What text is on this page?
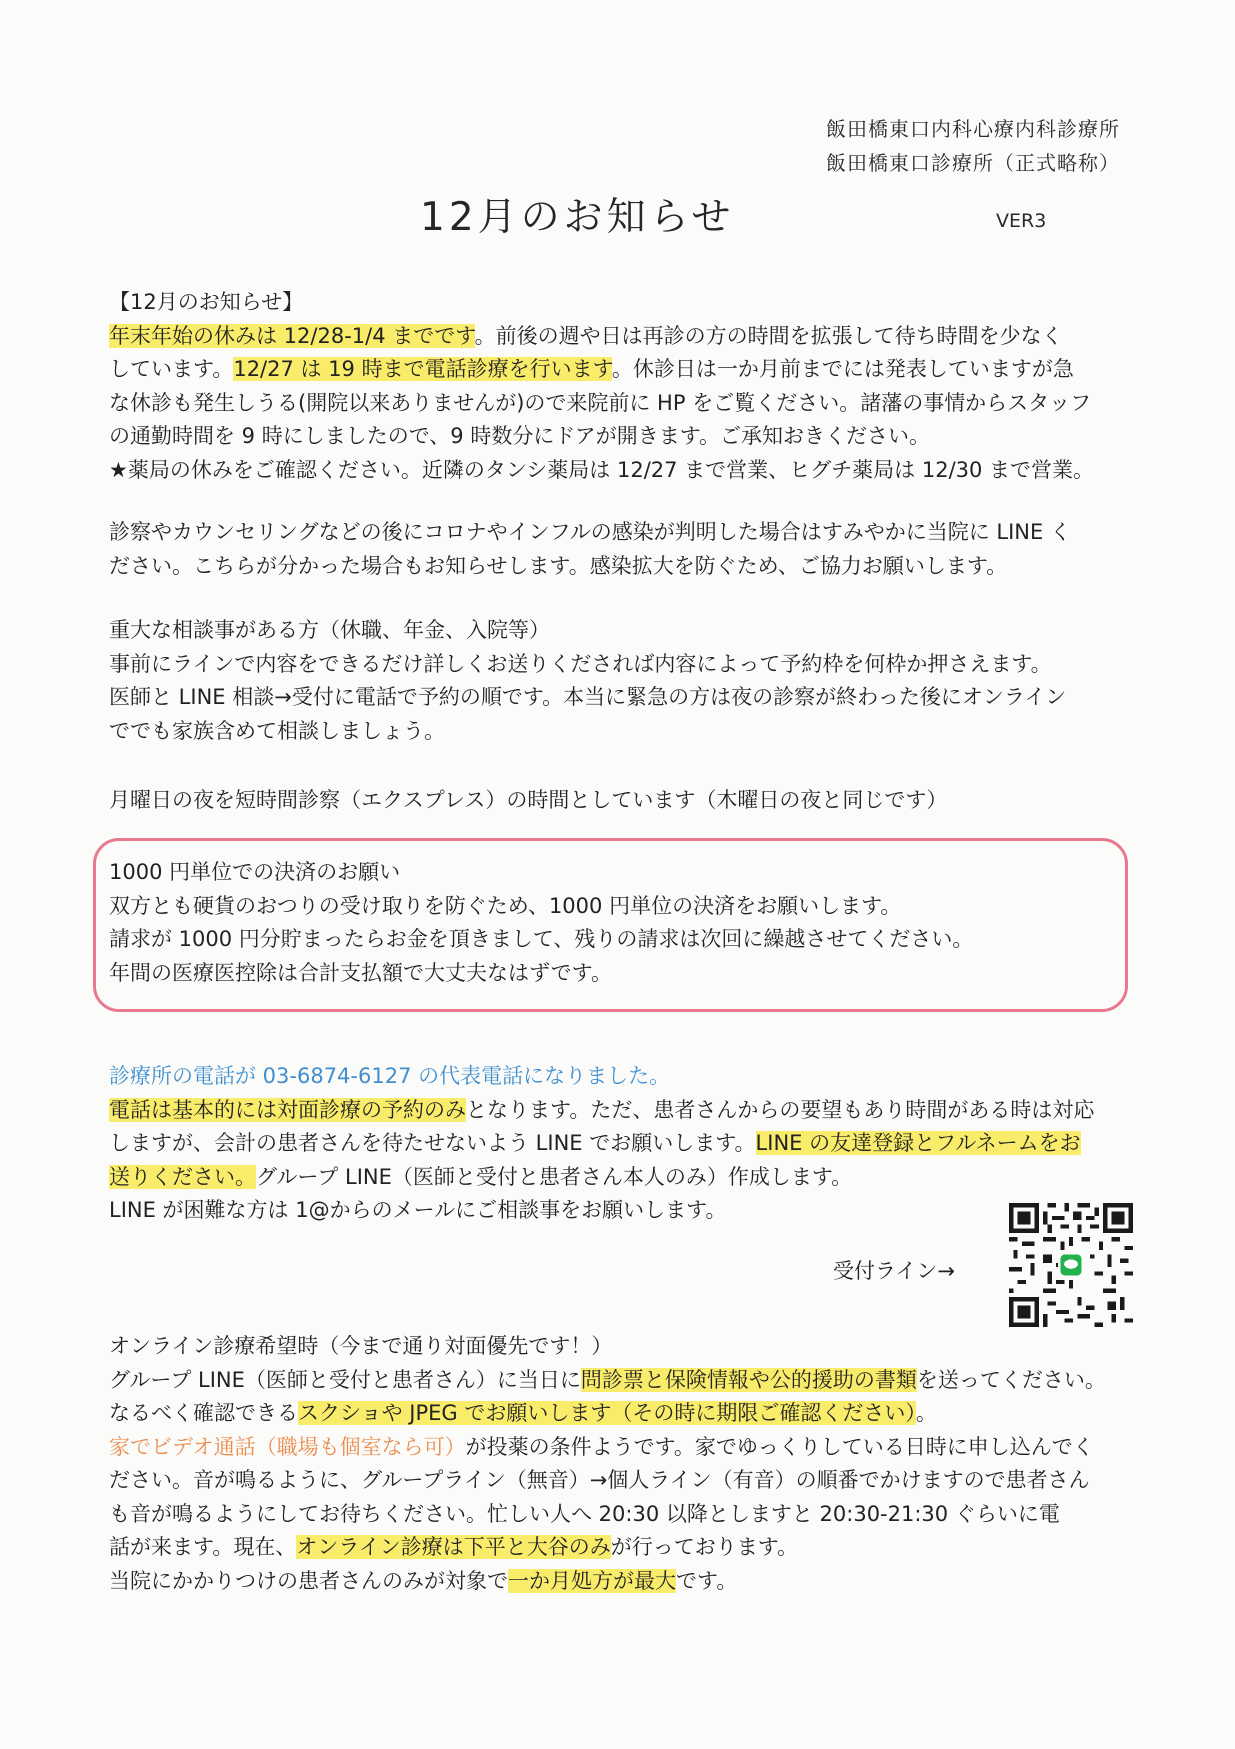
飯田橋東口内科心療内科診療所
飯田橋東口診療所（正式略称）
12月のお知らせ	VER3
【12月のお知らせ】
年末年始の休みは 12/28-1/4 までです。前後の週や日は再診の方の時間を拡張して待ち時間を少なく
しています。12/27 は 19 時まで電話診療を行います。休診日は一か月前までには発表していますが急
な休診も発生しうる(開院以来ありませんが)ので来院前に HP をご覧ください。諸藩の事情からスタッフ
の通勤時間を 9 時にしましたので、9 時数分にドアが開きます。ご承知おきください。
★薬局の休みをご確認ください。近隣のタンシ薬局は 12/27 まで営業、ヒグチ薬局は 12/30 まで営業。
診察やカウンセリングなどの後にコロナやインフルの感染が判明した場合はすみやかに当院に LINE く
ださい。こちらが分かった場合もお知らせします。感染拡大を防ぐため、ご協力お願いします。
重大な相談事がある方（休職、年金、入院等）
事前にラインで内容をできるだけ詳しくお送りくだされば内容によって予約枠を何枠か押さえます。
医師と LINE 相談→受付に電話で予約の順です。本当に緊急の方は夜の診察が終わった後にオンライン
ででも家族含めて相談しましょう。
月曜日の夜を短時間診察（エクスプレス）の時間としています（木曜日の夜と同じです）
1000 円単位での決済のお願い
双方とも硬貨のおつりの受け取りを防ぐため、1000 円単位の決済をお願いします。
請求が 1000 円分貯まったらお金を頂きまして、残りの請求は次回に繰越させてください。
年間の医療医控除は合計支払額で大丈夫なはずです。
診療所の電話が 03-6874-6127 の代表電話になりました。
電話は基本的には対面診療の予約のみとなります。ただ、患者さんからの要望もあり時間がある時は対応
しますが、会計の患者さんを待たせないよう LINE でお願いします。LINE の友達登録とフルネームをお
送りください。グループ LINE（医師と受付と患者さん本人のみ）作成します。
LINE が困難な方は 1@からのメールにご相談事をお願いします。
受付ライン→
オンライン診療希望時（今まで通り対面優先です！）
グループ LINE（医師と受付と患者さん）に当日に問診票と保険情報や公的援助の書類を送ってください。
なるべく確認できるスクショや JPEG でお願いします（その時に期限ご確認ください）。
家でビデオ通話（職場も個室なら可）が投薬の条件ようです。家でゆっくりしている日時に申し込んでく
ださい。音が鳴るように、グループライン（無音）→個人ライン（有音）の順番でかけますので患者さん
も音が鳴るようにしてお待ちください。忙しい人へ 20:30 以降としますと 20:30-21:30 ぐらいに電
話が来ます。現在、オンライン診療は下平と大谷のみが行っております。
当院にかかりつけの患者さんのみが対象で一か月処方が最大です。
